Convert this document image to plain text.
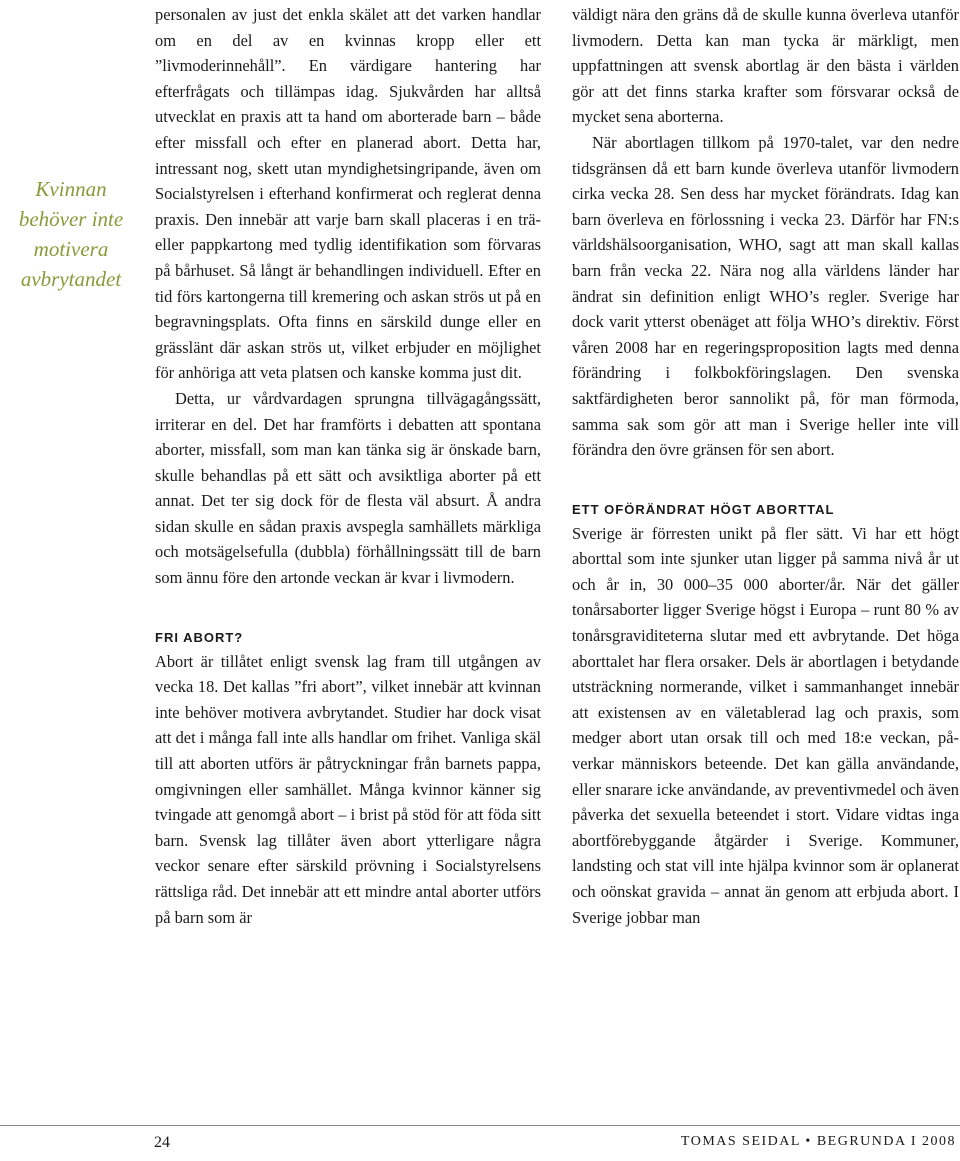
Kvinnan behöver inte motivera avbrytandet

personalen av just det enkla skälet att det varken handlar om en del av en kvinnas kropp eller ett ”livmoderinnehåll”. En värdigare hantering har efterfrågats och tillämpas idag. Sjukvården har alltså utvecklat en praxis att ta hand om aborterade barn – både efter missfall och efter en planerad abort. Detta har, intressant nog, skett utan myndighetsingripande, även om Socialstyrelsen i efterhand konfirmerat och reglerat denna praxis. Den innebär att varje barn skall placeras i en trä- eller pappkartong med tydlig identifikation som förvaras på bårhuset. Så långt är behandlingen individuell. Efter en tid förs kartongerna till kremering och askan strös ut på en begravningsplats. Ofta finns en särskild dunge eller en grässlänt där askan strös ut, vilket erbjuder en möjlighet för anhöriga att veta platsen och kanske komma just dit.

Detta, ur vårdvardagen sprungna tillvägagångssätt, irriterar en del. Det har framförts i debatten att spontana aborter, missfall, som man kan tänka sig är önskade barn, skulle behandlas på ett sätt och avsiktliga aborter på ett annat. Det ter sig dock för de flesta väl absurt. Å andra sidan skulle en sådan praxis avspegla samhällets märkliga och motsägelsefulla (dubbla) förhållningssätt till de barn som ännu före den artonde veckan är kvar i livmodern.

FRI ABORT?

Abort är tillåtet enligt svensk lag fram till utgången av vecka 18. Det kallas ”fri abort”, vilket innebär att kvinnan inte behöver motivera avbrytandet. Studier har dock visat att det i många fall inte alls handlar om frihet. Vanliga skäl till att aborten utförs är påtryckningar från barnets pappa, omgivningen eller samhället. Många kvinnor känner sig tvingade att genomgå abort – i brist på stöd för att föda sitt barn. Svensk lag tillåter även abort ytterligare några veckor senare efter särskild prövning i Socialstyrelsens rättsliga råd. Det innebär att ett mindre antal aborter utförs på barn som är

väldigt nära den gräns då de skulle kunna överleva utanför livmodern. Detta kan man tycka är märkligt, men uppfattningen att svensk abortlag är den bästa i världen gör att det finns starka krafter som försvarar också de mycket sena aborterna.

När abortlagen tillkom på 1970-talet, var den nedre tidsgränsen då ett barn kunde överleva utanför livmodern cirka vecka 28. Sen dess har mycket förändrats. Idag kan barn överleva en förlossning i vecka 23. Därför har FN:s världshälsoorganisation, WHO, sagt att man skall kallas barn från vecka 22. Nära nog alla världens länder har ändrat sin definition enligt WHO’s regler. Sverige har dock varit ytterst obenäget att följa WHO’s direktiv. Först våren 2008 har en regeringsproposition lagts med denna förändring i folkbokföringslagen. Den svenska saktfärdigheten beror sannolikt på, för man förmoda, samma sak som gör att man i Sverige heller inte vill förändra den övre gränsen för sen abort.

ETT OFÖRÄNDRAT HÖGT ABORTTAL

Sverige är förresten unikt på fler sätt. Vi har ett högt aborttal som inte sjunker utan ligger på samma nivå år ut och år in, 30 000–35 000 aborter/år. När det gäller tonårsaborter ligger Sverige högst i Europa – runt 80 % av tonårsgraviditeterna slutar med ett avbrytande. Det höga aborttalet har flera orsaker. Dels är abortlagen i betydande utsträckning normerande, vilket i sammanhanget innebär att existensen av en väletablerad lag och praxis, som medger abort utan orsak till och med 18:e veckan, påverkar människors beteende. Det kan gälla användande, eller snarare icke användande, av preventivmedel och även påverka det sexuella beteendet i stort. Vidare vidtas inga abortförebyggande åtgärder i Sverige. Kommuner, landsting och stat vill inte hjälpa kvinnor som är oplanerat och oönskat gravida – annat än genom att erbjuda abort. I Sverige jobbar man

24	TOMAS SEIDAL • BEGRUNDA I 2008
